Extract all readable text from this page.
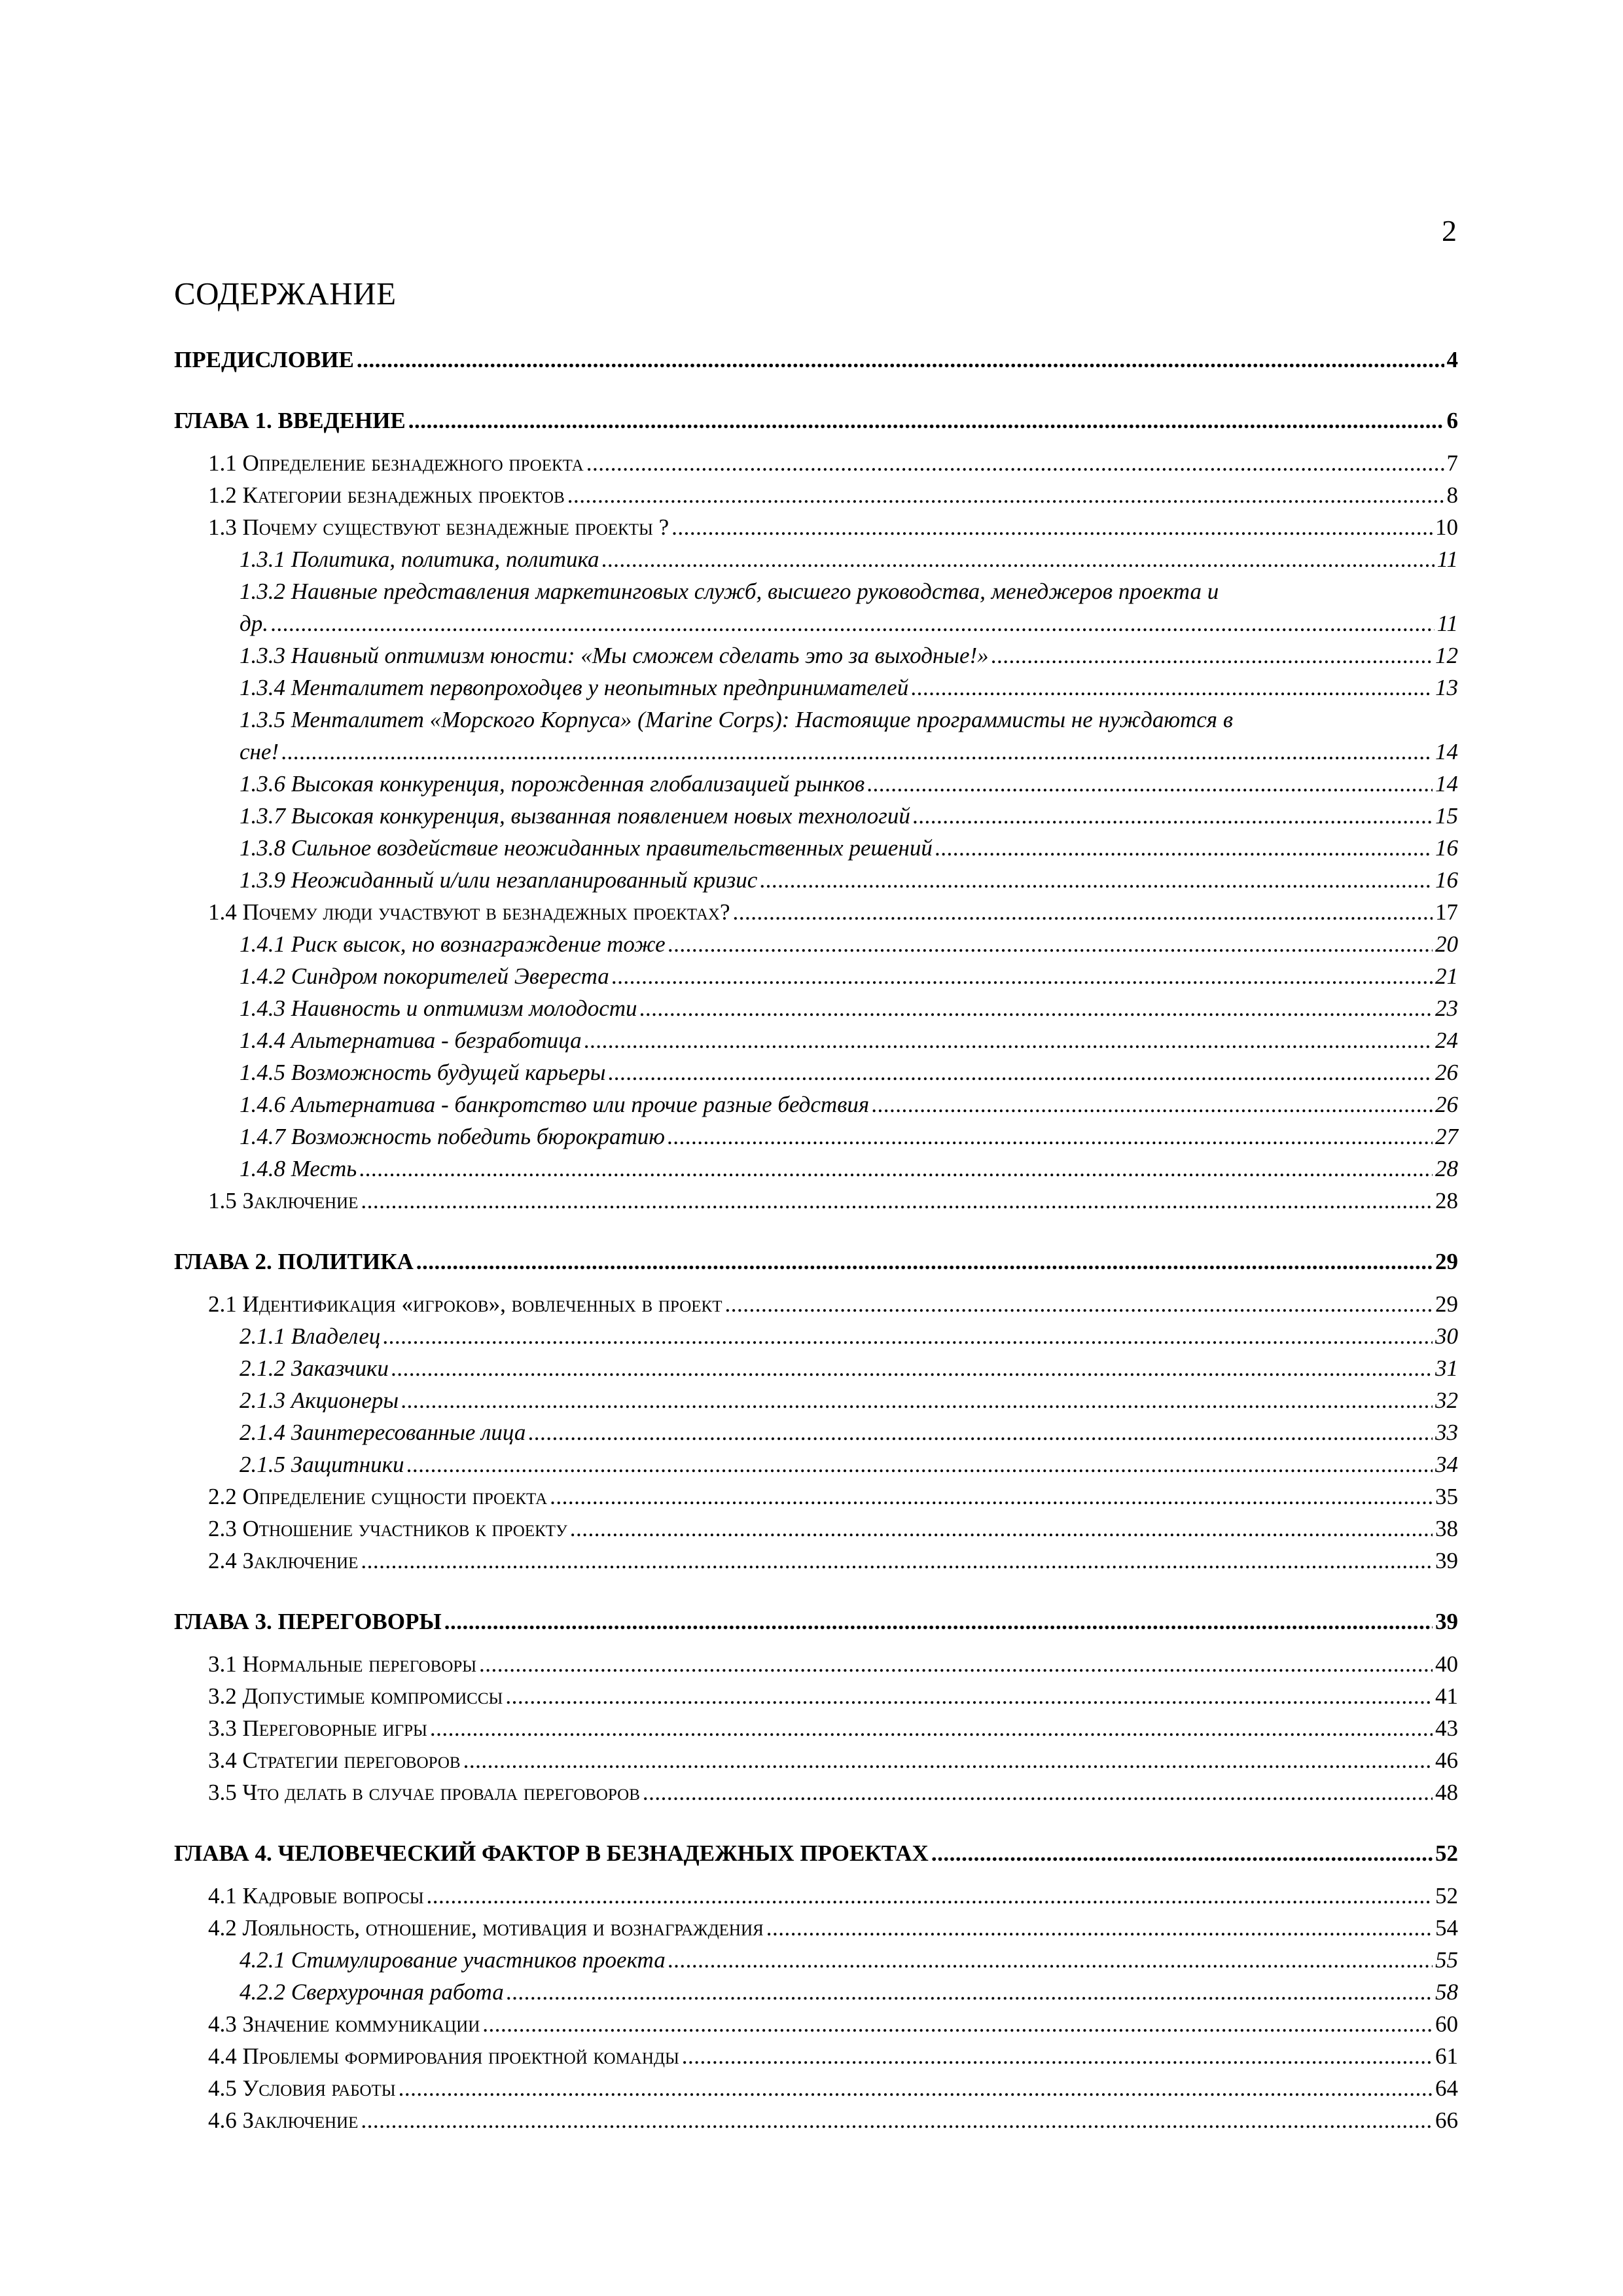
2
СОДЕРЖАНИЕ
ПРЕДИСЛОВИЕ .....	4
ГЛАВА 1. ВВЕДЕНИЕ .....	6
1.1 Определение безнадежного проекта .....	7
1.2 Категории безнадежных проектов .....	8
1.3 Почему существуют безнадежные проекты ? .....	10
1.3.1 Политика, политика, политика .....	11
1.3.2 Наивные представления маркетинговых служб, высшего руководства, менеджеров проекта и
др. .....	11
1.3.3 Наивный оптимизм юности: «Мы сможем сделать это за выходные!» .....	12
1.3.4 Менталитет первопроходцев у неопытных предпринимателей .....	13
1.3.5 Менталитет «Морского Корпуса» (Marine Corps): Настоящие программисты не нуждаются в
сне! .....	14
1.3.6 Высокая конкуренция, порожденная глобализацией рынков .....	14
1.3.7 Высокая конкуренция, вызванная появлением новых технологий .....	15
1.3.8 Сильное воздействие неожиданных правительственных решений .....	16
1.3.9 Неожиданный и/или незапланированный кризис .....	16
1.4 Почему люди участвуют в безнадежных проектах? .....	17
1.4.1 Риск высок, но вознаграждение тоже .....	20
1.4.2 Синдром покорителей Эвереста .....	21
1.4.3 Наивность и оптимизм молодости .....	23
1.4.4 Альтернатива - безработица .....	24
1.4.5 Возможность будущей карьеры .....	26
1.4.6 Альтернатива - банкротство или прочие разные бедствия .....	26
1.4.7 Возможность победить бюрократию .....	27
1.4.8 Месть .....	28
1.5 Заключение .....	28
ГЛАВА 2. ПОЛИТИКА .....	29
2.1 Идентификация «игроков», вовлеченных в проект .....	29
2.1.1 Владелец .....	30
2.1.2 Заказчики .....	31
2.1.3 Акционеры .....	32
2.1.4 Заинтересованные лица .....	33
2.1.5 Защитники .....	34
2.2 Определение сущности проекта .....	35
2.3 Отношение участников к проекту .....	38
2.4 Заключение .....	39
ГЛАВА 3. ПЕРЕГОВОРЫ .....	39
3.1 Нормальные переговоры .....	40
3.2 Допустимые компромиссы .....	41
3.3 Переговорные игры .....	43
3.4 Стратегии переговоров .....	46
3.5 Что делать в случае провала переговоров .....	48
ГЛАВА 4. ЧЕЛОВЕЧЕСКИЙ ФАКТОР В БЕЗНАДЕЖНЫХ ПРОЕКТАХ .....	52
4.1 Кадровые вопросы .....	52
4.2 Лояльность, отношение, мотивация и вознаграждения .....	54
4.2.1 Стимулирование участников проекта .....	55
4.2.2 Сверхурочная работа .....	58
4.3 Значение коммуникации .....	60
4.4 Проблемы формирования проектной команды .....	61
4.5 Условия работы .....	64
4.6 Заключение .....	66
